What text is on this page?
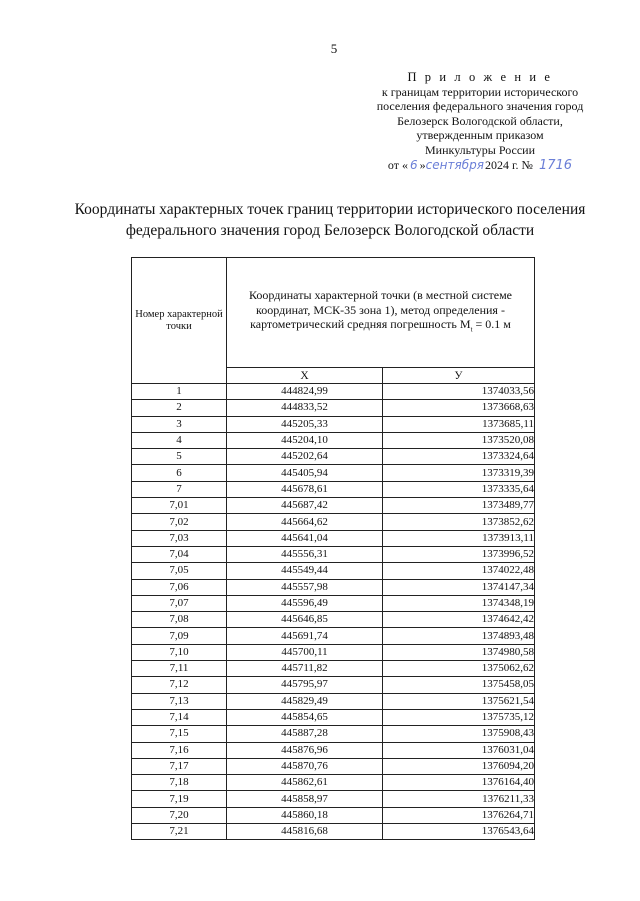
5
П р и л о ж е н и е
к границам территории исторического
поселения федерального значения город
Белозерск Вологодской области,
утвержденным приказом
Минкультуры России
от « 6 »сентября2024 г. № 1716
Координаты характерных точек границ территории исторического поселения федерального значения город Белозерск Вологодской области
Номер характерной точки	Координаты характерной точки (в местной системе координат, МСК-35 зона 1), метод определения - картометрический средняя погрешность $M_t = 0.1$ м	
	X	У
1	444824,99	1374033,56
2	444833,52	1373668,63
3	445205,33	1373685,11
4	445204,10	1373520,08
5	445202,64	1373324,64
6	445405,94	1373319,39
7	445678,61	1373335,64
7,01	445687,42	1373489,77
7,02	445664,62	1373852,62
7,03	445641,04	1373913,11
7,04	445556,31	1373996,52
7,05	445549,44	1374022,48
7,06	445557,98	1374147,34
7,07	445596,49	1374348,19
7,08	445646,85	1374642,42
7,09	445691,74	1374893,48
7,10	445700,11	1374980,58
7,11	445711,82	1375062,62
7,12	445795,97	1375458,05
7,13	445829,49	1375621,54
7,14	445854,65	1375735,12
7,15	445887,28	1375908,43
7,16	445876,96	1376031,04
7,17	445870,76	1376094,20
7,18	445862,61	1376164,40
7,19	445858,97	1376211,33
7,20	445860,18	1376264,71
7,21	445816,68	1376543,64
